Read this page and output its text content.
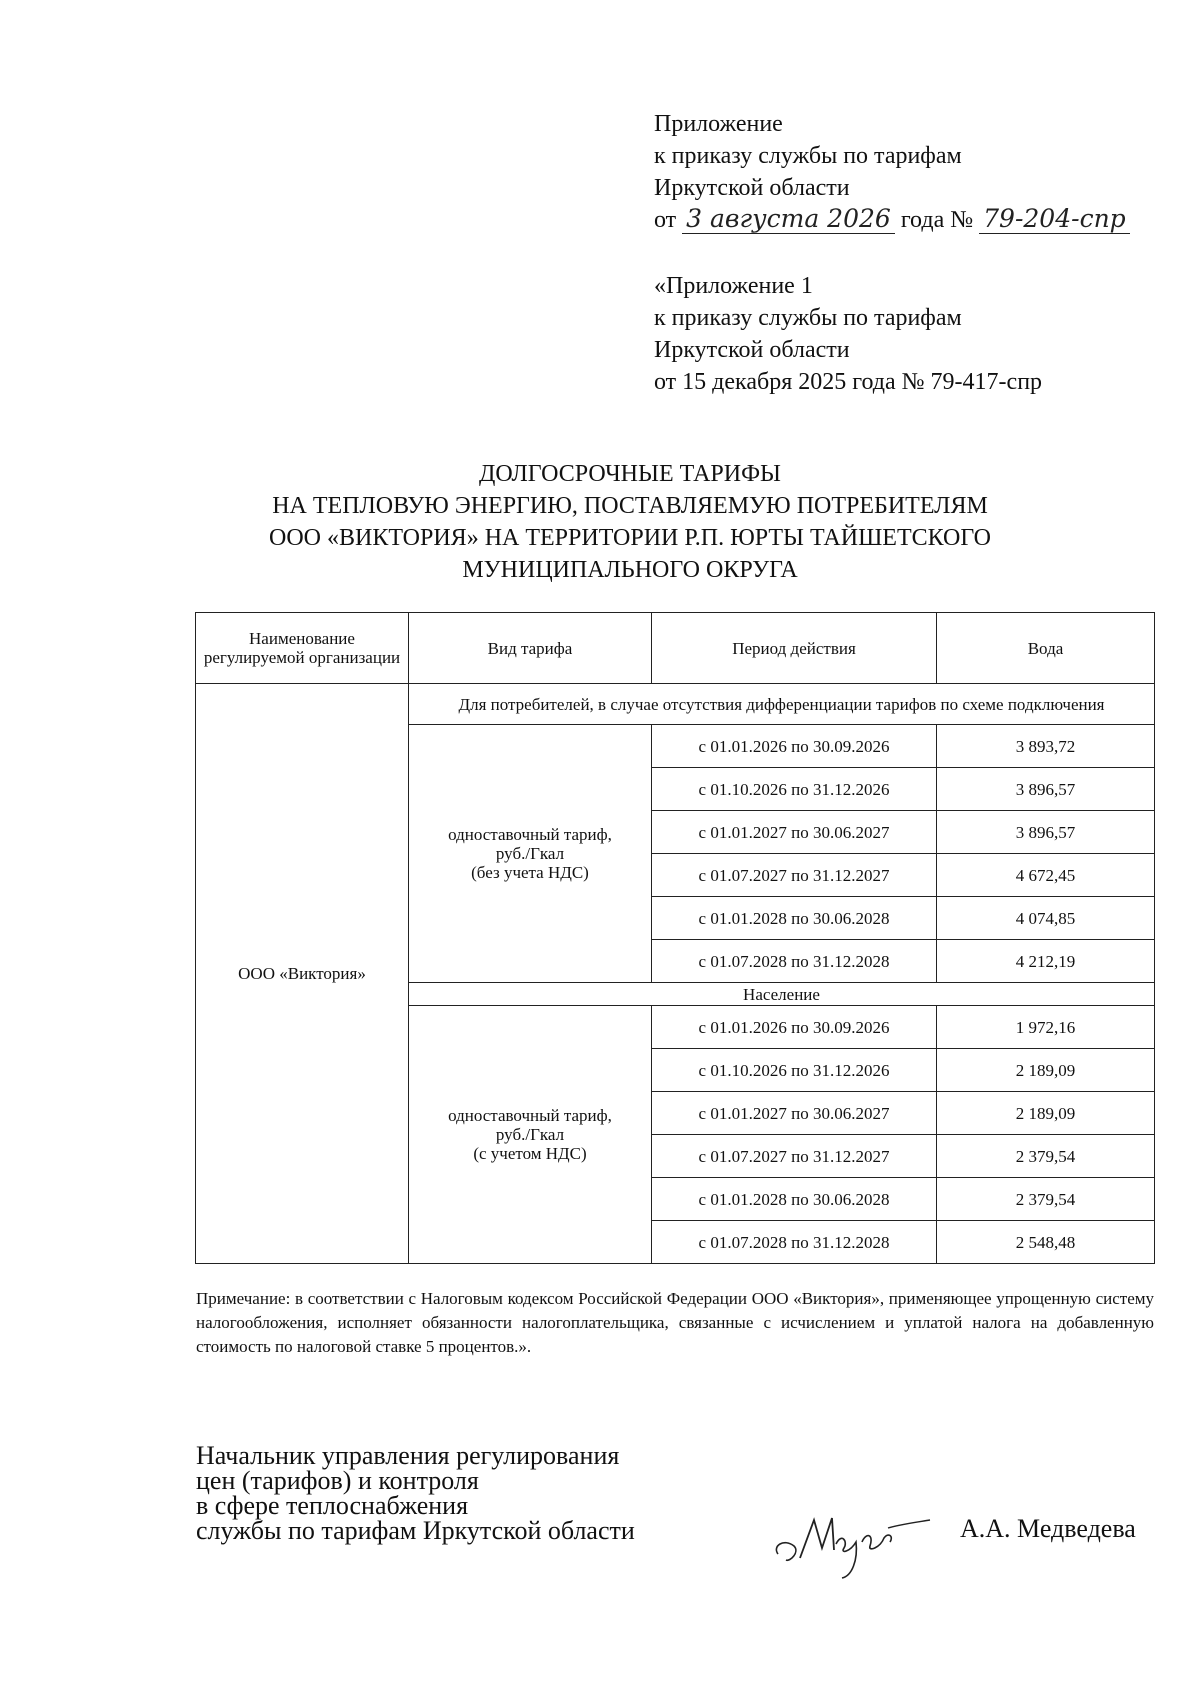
Приложение
к приказу службы по тарифам
Иркутской области
от 3 августа 2026 года № 79-204-спр
«Приложение 1
к приказу службы по тарифам
Иркутской области
от 15 декабря 2025 года № 79-417-спр
ДОЛГОСРОЧНЫЕ ТАРИФЫ
НА ТЕПЛОВУЮ ЭНЕРГИЮ, ПОСТАВЛЯЕМУЮ ПОТРЕБИТЕЛЯМ
ООО «ВИКТОРИЯ» НА ТЕРРИТОРИИ Р.П. ЮРТЫ ТАЙШЕТСКОГО
МУНИЦИПАЛЬНОГО ОКРУГА
Наименование регулируемой организации	Вид тарифа	Период действия	Вода
ООО «Виктория»	Для потребителей, в случае отсутствия дифференциации тарифов по схеме подключения		
	одноставочный тариф,
руб./Гкал
(без учета НДС)	с 01.01.2026 по 30.09.2026	3 893,72
		с 01.10.2026 по 31.12.2026	3 896,57
		с 01.01.2027 по 30.06.2027	3 896,57
		с 01.07.2027 по 31.12.2027	4 672,45
		с 01.01.2028 по 30.06.2028	4 074,85
		с 01.07.2028 по 31.12.2028	4 212,19
	Население		
	одноставочный тариф,
руб./Гкал
(с учетом НДС)	с 01.01.2026 по 30.09.2026	1 972,16
		с 01.10.2026 по 31.12.2026	2 189,09
		с 01.01.2027 по 30.06.2027	2 189,09
		с 01.07.2027 по 31.12.2027	2 379,54
		с 01.01.2028 по 30.06.2028	2 379,54
		с 01.07.2028 по 31.12.2028	2 548,48
Примечание: в соответствии с Налоговым кодексом Российской Федерации ООО «Виктория», применяющее упрощенную систему налогообложения, исполняет обязанности налогоплательщика, связанные с исчислением и уплатой налога на добавленную стоимость по налоговой ставке 5 процентов.».
Начальник управления регулирования
цен (тарифов) и контроля
в сфере теплоснабжения
службы по тарифам Иркутской области	А.А. Медведева
